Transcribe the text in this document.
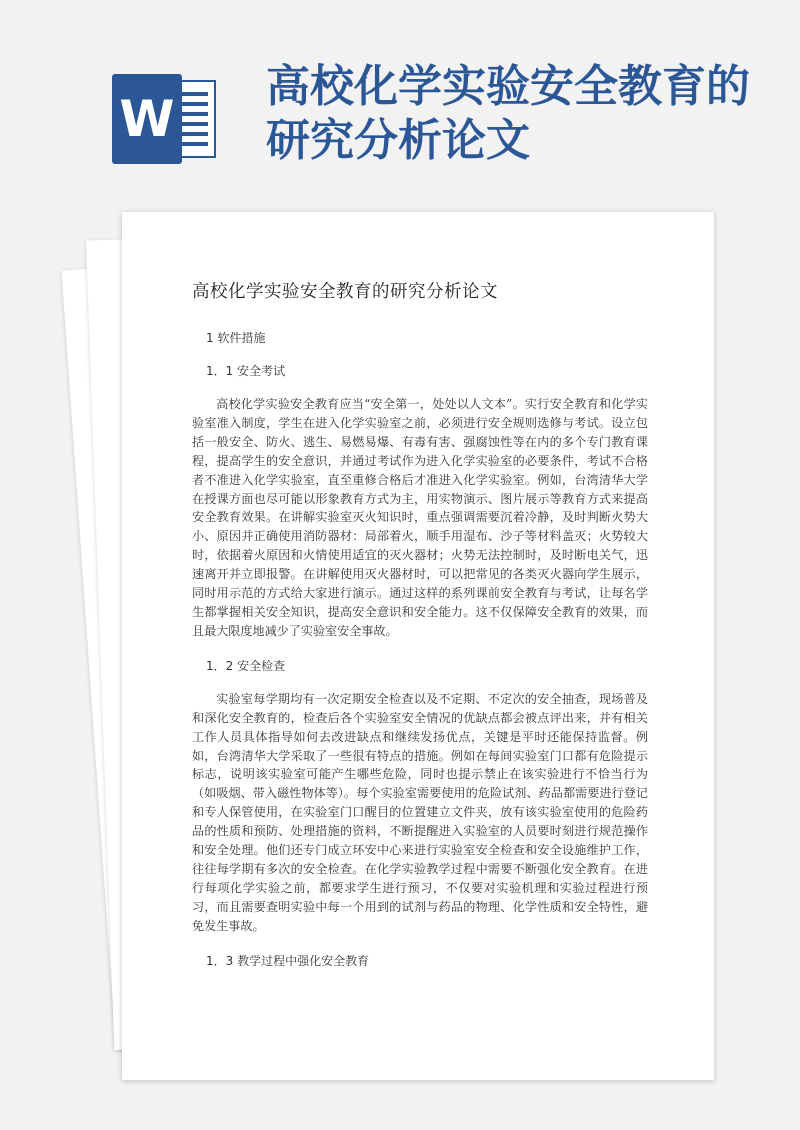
W
高校化学实验安全教育的研究分析论文
高校化学实验安全教育的研究分析论文
1 软件措施
1．1 安全考试

高校化学实验安全教育应当“安全第一，处处以人文本”。实行安全教育和化学实验室准入制度，学生在进入化学实验室之前，必须进行安全规则选修与考试。设立包括一般安全、防火、逃生、易燃易爆、有毒有害、强腐蚀性等在内的多个专门教育课程，提高学生的安全意识，并通过考试作为进入化学实验室的必要条件，考试不合格者不准进入化学实验室，直至重修合格后才准进入化学实验室。例如，台湾清华大学在授课方面也尽可能以形象教育方式为主，用实物演示、图片展示等教育方式来提高安全教育效果。在讲解实验室灭火知识时，重点强调需要沉着冷静，及时判断火势大小、原因并正确使用消防器材：局部着火，顺手用湿布、沙子等材料盖灭；火势较大时，依据着火原因和火情使用适宜的灭火器材；火势无法控制时，及时断电关气，迅速离开并立即报警。在讲解使用灭火器材时，可以把常见的各类灭火器向学生展示，同时用示范的方式给大家进行演示。通过这样的系列课前安全教育与考试，让每名学生都掌握相关安全知识，提高安全意识和安全能力。这不仅保障安全教育的效果，而且最大限度地减少了实验室安全事故。

1．2 安全检查

实验室每学期均有一次定期安全检查以及不定期、不定次的安全抽查，现场普及和深化安全教育的，检查后各个实验室安全情况的优缺点都会被点评出来，并有相关工作人员具体指导如何去改进缺点和继续发扬优点，关键是平时还能保持监督。例如，台湾清华大学采取了一些很有特点的措施。例如在每间实验室门口都有危险提示标志，说明该实验室可能产生哪些危险，同时也提示禁止在该实验进行不恰当行为（如吸烟、带入磁性物体等）。每个实验室需要使用的危险试剂、药品都需要进行登记和专人保管使用，在实验室门口醒目的位置建立文件夹，放有该实验室使用的危险药品的性质和预防、处理措施的资料，不断提醒进入实验室的人员要时刻进行规范操作和安全处理。他们还专门成立环安中心来进行实验室安全检查和安全设施维护工作，往往每学期有多次的安全检查。在化学实验教学过程中需要不断强化安全教育。在进行每项化学实验之前，都要求学生进行预习，不仅要对实验机理和实验过程进行预习，而且需要查明实验中每一个用到的试剂与药品的物理、化学性质和安全特性，避免发生事故。

1．3 教学过程中强化安全教育
